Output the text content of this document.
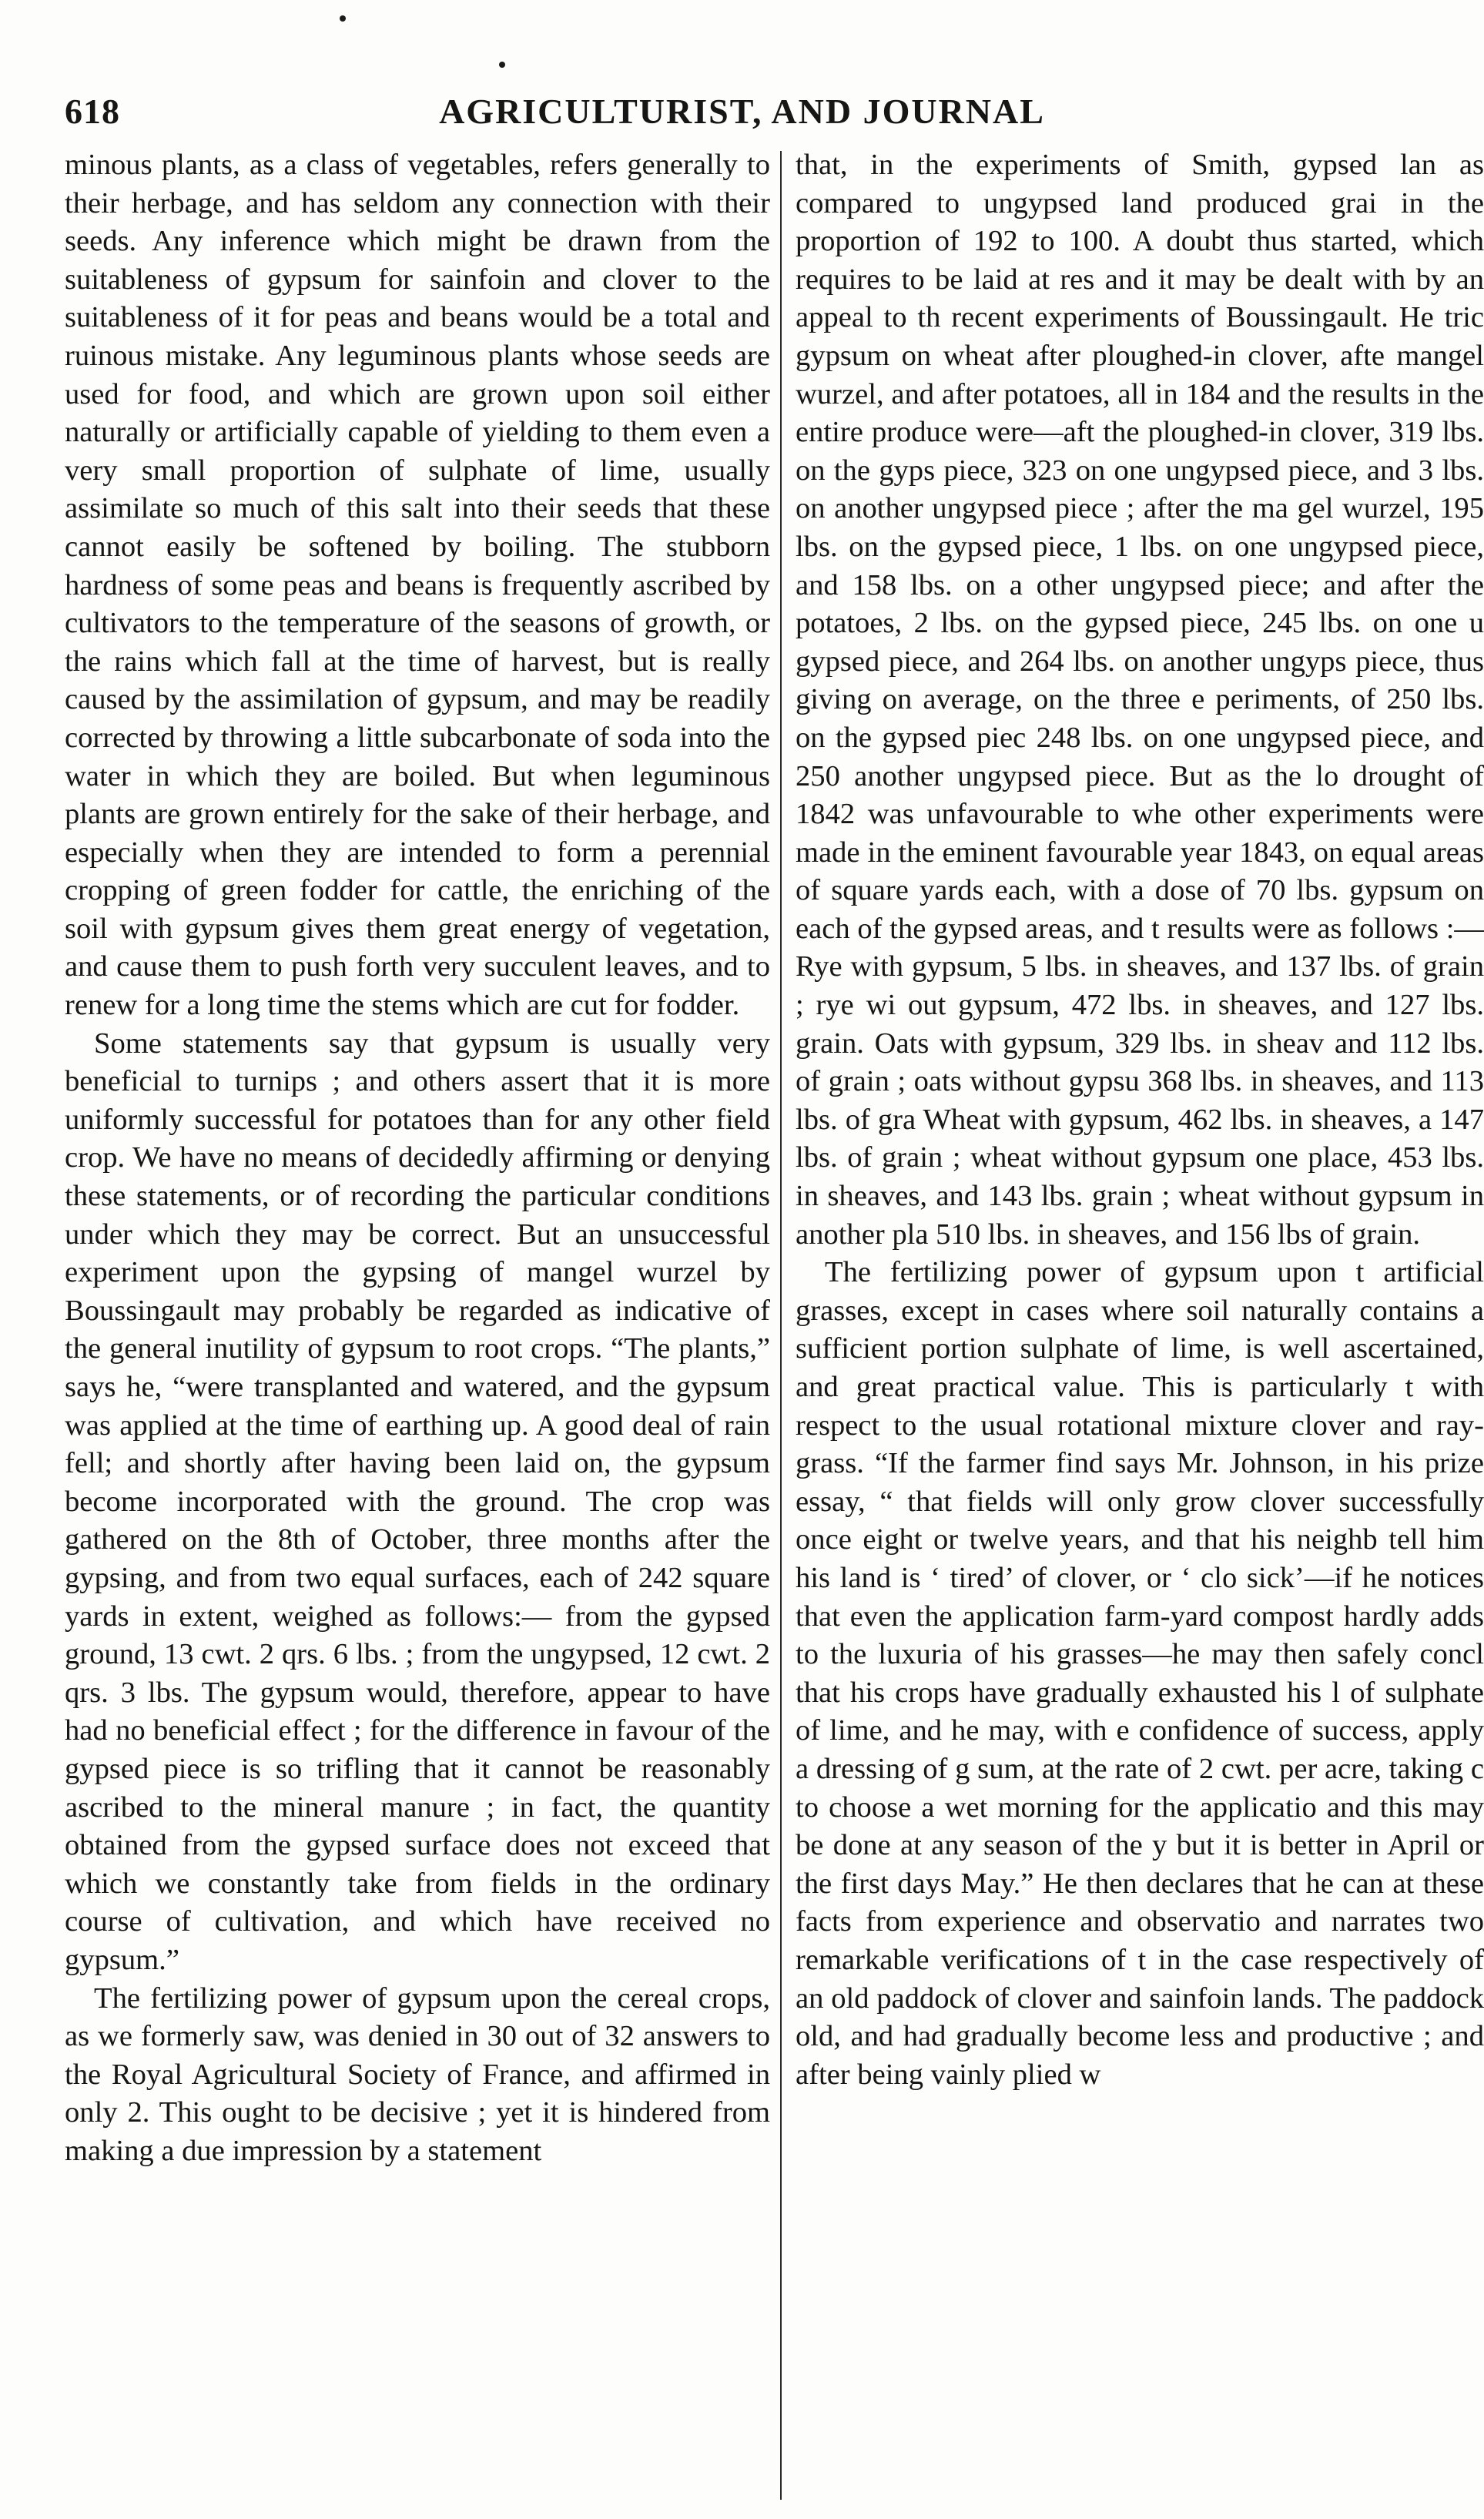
618	AGRICULTURIST, AND JOURNAL

minous plants, as a class of vegetables, refers generally to their herbage, and has seldom any connection with their seeds. Any inference which might be drawn from the suitableness of gypsum for sainfoin and clover to the suitableness of it for peas and beans would be a total and ruinous mistake. Any leguminous plants whose seeds are used for food, and which are grown upon soil either naturally or artificially capable of yielding to them even a very small proportion of sulphate of lime, usually assimilate so much of this salt into their seeds that these cannot easily be softened by boiling. The stubborn hardness of some peas and beans is frequently ascribed by cultivators to the temperature of the seasons of growth, or the rains which fall at the time of harvest, but is really caused by the assimilation of gypsum, and may be readily corrected by throwing a little subcarbonate of soda into the water in which they are boiled. But when leguminous plants are grown entirely for the sake of their herbage, and especially when they are intended to form a perennial cropping of green fodder for cattle, the enriching of the soil with gypsum gives them great energy of vegetation, and cause them to push forth very succulent leaves, and to renew for a long time the stems which are cut for fodder.

Some statements say that gypsum is usually very beneficial to turnips ; and others assert that it is more uniformly successful for potatoes than for any other field crop. We have no means of decidedly affirming or denying these statements, or of recording the particular conditions under which they may be correct. But an unsuccessful experiment upon the gypsing of mangel wurzel by Boussingault may probably be regarded as indicative of the general inutility of gypsum to root crops. “The plants,” says he, “were transplanted and watered, and the gypsum was applied at the time of earthing up. A good deal of rain fell; and shortly after having been laid on, the gypsum become incorporated with the ground. The crop was gathered on the 8th of October, three months after the gypsing, and from two equal surfaces, each of 242 square yards in extent, weighed as follows:— from the gypsed ground, 13 cwt. 2 qrs. 6 lbs. ; from the ungypsed, 12 cwt. 2 qrs. 3 lbs. The gypsum would, therefore, appear to have had no beneficial effect ; for the difference in favour of the gypsed piece is so trifling that it cannot be reasonably ascribed to the mineral manure ; in fact, the quantity obtained from the gypsed surface does not exceed that which we constantly take from fields in the ordinary course of cultivation, and which have received no gypsum.”

The fertilizing power of gypsum upon the cereal crops, as we formerly saw, was denied in 30 out of 32 answers to the Royal Agricultural Society of France, and affirmed in only 2. This ought to be decisive ; yet it is hindered from making a due impression by a statement

that, in the experiments of Smith, gypsed lan as compared to ungypsed land produced grai in the proportion of 192 to 100. A doubt thus started, which requires to be laid at res and it may be dealt with by an appeal to th recent experiments of Boussingault. He tric gypsum on wheat after ploughed-in clover, afte mangel wurzel, and after potatoes, all in 184 and the results in the entire produce were—aft the ploughed-in clover, 319 lbs. on the gyps piece, 323 on one ungypsed piece, and 3 lbs. on another ungypsed piece ; after the ma gel wurzel, 195 lbs. on the gypsed piece, 1 lbs. on one ungypsed piece, and 158 lbs. on a other ungypsed piece; and after the potatoes, 2 lbs. on the gypsed piece, 245 lbs. on one u gypsed piece, and 264 lbs. on another ungyps piece, thus giving on average, on the three e periments, of 250 lbs. on the gypsed piec 248 lbs. on one ungypsed piece, and 250 another ungypsed piece. But as the lo drought of 1842 was unfavourable to whe other experiments were made in the eminent favourable year 1843, on equal areas of square yards each, with a dose of 70 lbs. gypsum on each of the gypsed areas, and t results were as follows :—Rye with gypsum, 5 lbs. in sheaves, and 137 lbs. of grain ; rye wi out gypsum, 472 lbs. in sheaves, and 127 lbs. grain. Oats with gypsum, 329 lbs. in sheav and 112 lbs. of grain ; oats without gypsu 368 lbs. in sheaves, and 113 lbs. of gra Wheat with gypsum, 462 lbs. in sheaves, a 147 lbs. of grain ; wheat without gypsum one place, 453 lbs. in sheaves, and 143 lbs. grain ; wheat without gypsum in another pla 510 lbs. in sheaves, and 156 lbs of grain.

The fertilizing power of gypsum upon t artificial grasses, except in cases where soil naturally contains a sufficient portion sulphate of lime, is well ascertained, and great practical value. This is particularly t with respect to the usual rotational mixture clover and ray-grass. “If the farmer find says Mr. Johnson, in his prize essay, “ that fields will only grow clover successfully once eight or twelve years, and that his neighb tell him his land is ‘ tired’ of clover, or ‘ clo sick’—if he notices that even the application farm-yard compost hardly adds to the luxuria of his grasses—he may then safely concl that his crops have gradually exhausted his l of sulphate of lime, and he may, with e confidence of success, apply a dressing of g sum, at the rate of 2 cwt. per acre, taking c to choose a wet morning for the applicatio and this may be done at any season of the y but it is better in April or the first days May.” He then declares that he can at these facts from experience and observatio and narrates two remarkable verifications of t in the case respectively of an old paddock of clover and sainfoin lands. The paddock old, and had gradually become less and productive ; and after being vainly plied w
